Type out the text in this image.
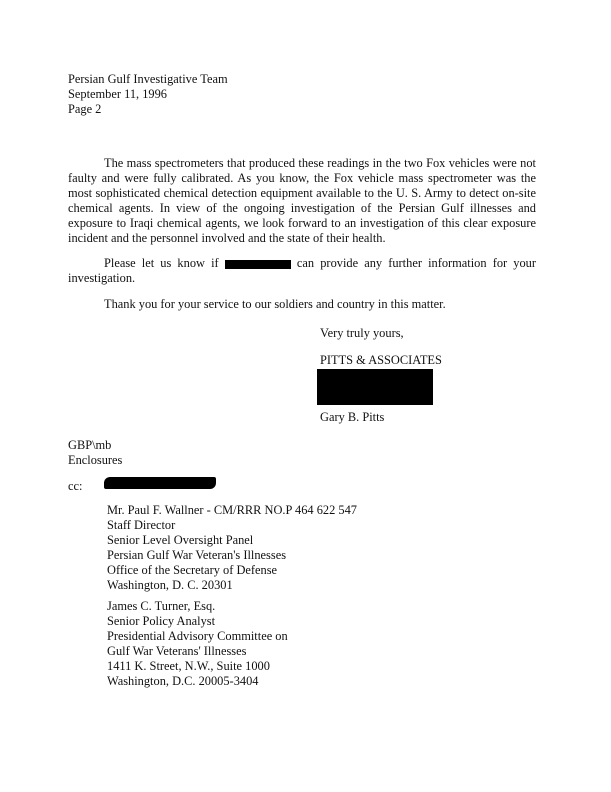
Persian Gulf Investigative Team
September 11, 1996
Page 2
The mass spectrometers that produced these readings in the two Fox vehicles were not faulty and were fully calibrated. As you know, the Fox vehicle mass spectrometer was the most sophisticated chemical detection equipment available to the U. S. Army to detect on-site chemical agents. In view of the ongoing investigation of the Persian Gulf illnesses and exposure to Iraqi chemical agents, we look forward to an investigation of this clear exposure incident and the personnel involved and the state of their health.
Please let us know if	can provide any further information for your investigation.
Thank you for your service to our soldiers and country in this matter.
Very truly yours,
PITTS & ASSOCIATES
Gary B. Pitts
GBP\mb
Enclosures
cc:
Mr. Paul F. Wallner - CM/RRR NO.P 464 622 547
Staff Director
Senior Level Oversight Panel
Persian Gulf War Veteran's Illnesses
Office of the Secretary of Defense
Washington, D. C. 20301
James C. Turner, Esq.
Senior Policy Analyst
Presidential Advisory Committee on
Gulf War Veterans' Illnesses
1411 K. Street, N.W., Suite 1000
Washington, D.C. 20005-3404
